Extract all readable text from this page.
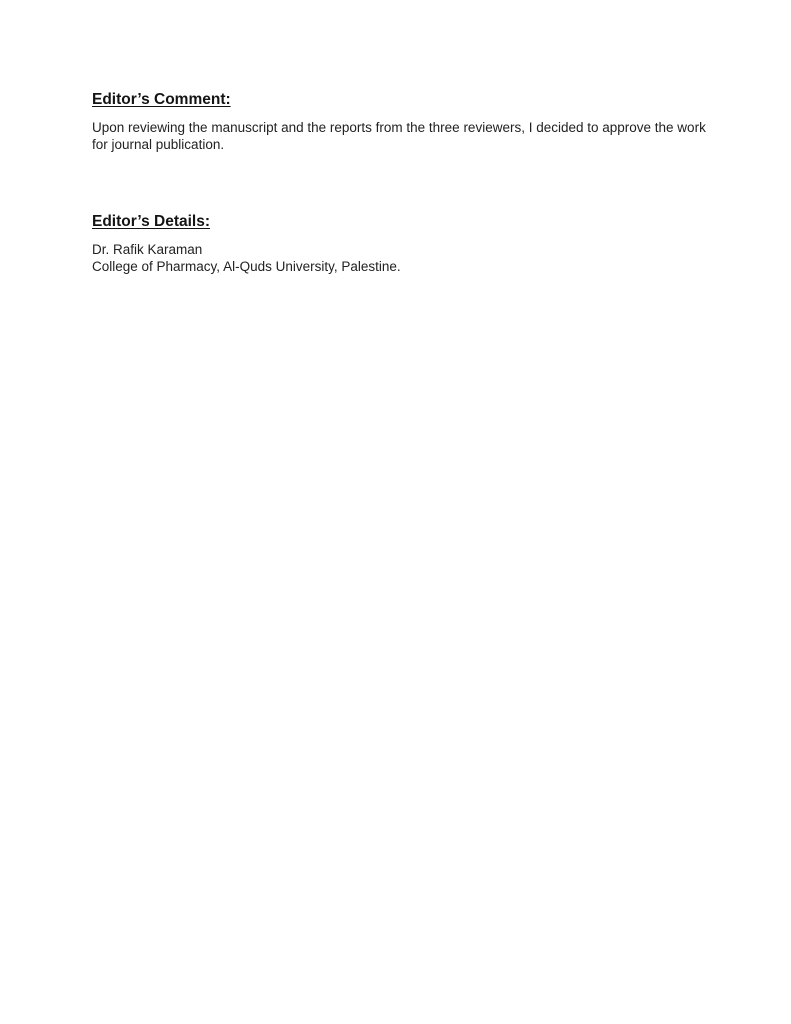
Editor’s Comment:
Upon reviewing the manuscript and the reports from the three reviewers, I decided to approve the work
for journal publication.
Editor’s Details:
Dr. Rafik Karaman
College of Pharmacy, Al-Quds University, Palestine.
